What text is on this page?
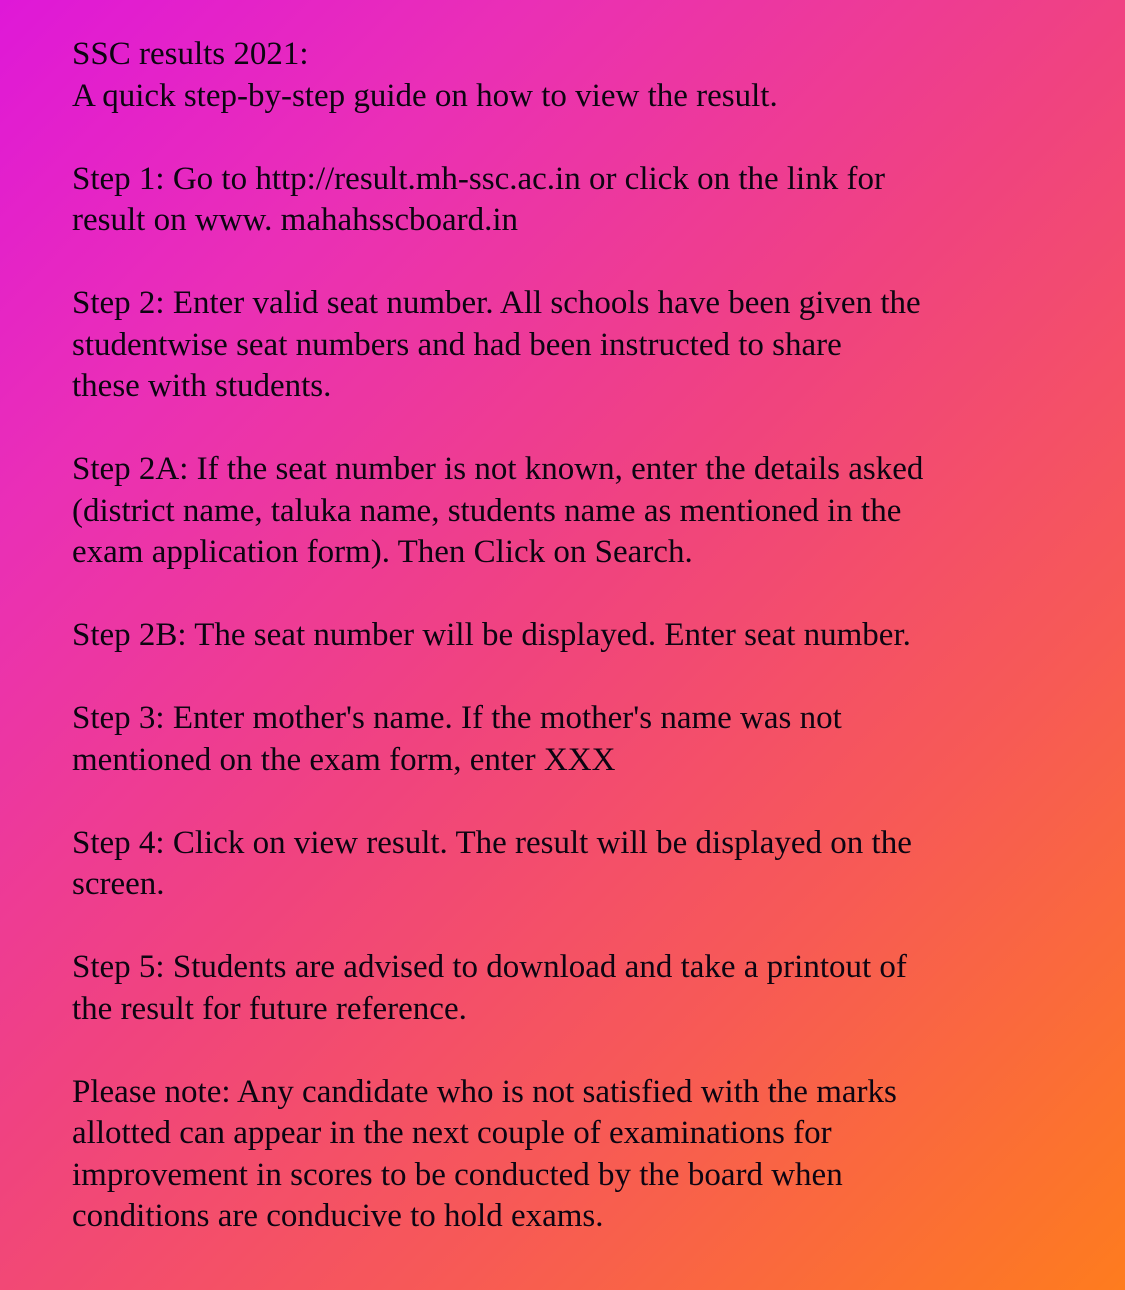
SSC results 2021:
A quick step-by-step guide on how to view the result.
Step 1: Go to http://result.mh-ssc.ac.in or click on the link for
result on www. mahahsscboard.in
Step 2: Enter valid seat number. All schools have been given the
studentwise seat numbers and had been instructed to share
these with students.
Step 2A: If the seat number is not known, enter the details asked
(district name, taluka name, students name as mentioned in the
exam application form). Then Click on Search.
Step 2B: The seat number will be displayed. Enter seat number.
Step 3: Enter mother's name. If the mother's name was not
mentioned on the exam form, enter XXX
Step 4: Click on view result. The result will be displayed on the
screen.
Step 5: Students are advised to download and take a printout of
the result for future reference.
Please note: Any candidate who is not satisfied with the marks
allotted can appear in the next couple of examinations for
improvement in scores to be conducted by the board when
conditions are conducive to hold exams.
